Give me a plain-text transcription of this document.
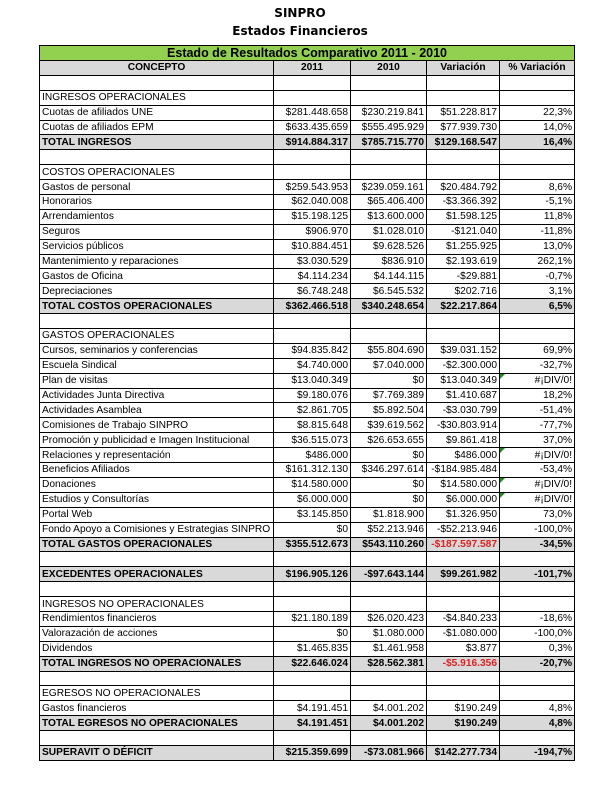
SINPRO
Estados Financieros
Estado de Resultados Comparativo 2011 - 2010				
CONCEPTO	2011	2010	Variación	% Variación

INGRESOS OPERACIONALES				
Cuotas de afiliados UNE	$281.448.658	$230.219.841	$51.228.817	22,3%
Cuotas de afiliados EPM	$633.435.659	$555.495.929	$77.939.730	14,0%
TOTAL INGRESOS	$914.884.317	$785.715.770	$129.168.547	16,4%

COSTOS OPERACIONALES				
Gastos de personal	$259.543.953	$239.059.161	$20.484.792	8,6%
Honorarios	$62.040.008	$65.406.400	-$3.366.392	-5,1%
Arrendamientos	$15.198.125	$13.600.000	$1.598.125	11,8%
Seguros	$906.970	$1.028.010	-$121.040	-11,8%
Servicios públicos	$10.884.451	$9.628.526	$1.255.925	13,0%
Mantenimiento y reparaciones	$3.030.529	$836.910	$2.193.619	262,1%
Gastos de Oficina	$4.114.234	$4.144.115	-$29.881	-0,7%
Depreciaciones	$6.748.248	$6.545.532	$202.716	3,1%
TOTAL COSTOS OPERACIONALES	$362.466.518	$340.248.654	$22.217.864	6,5%

GASTOS OPERACIONALES				
Cursos, seminarios y conferencias	$94.835.842	$55.804.690	$39.031.152	69,9%
Escuela Sindical	$4.740.000	$7.040.000	-$2.300.000	-32,7%
Plan de visitas	$13.040.349	$0	$13.040.349	#¡DIV/0!
Actividades Junta Directiva	$9.180.076	$7.769.389	$1.410.687	18,2%
Actividades Asamblea	$2.861.705	$5.892.504	-$3.030.799	-51,4%
Comisiones de Trabajo SINPRO	$8.815.648	$39.619.562	-$30.803.914	-77,7%
Promoción y publicidad e Imagen Institucional	$36.515.073	$26.653.655	$9.861.418	37,0%
Relaciones y representación	$486.000	$0	$486.000	#¡DIV/0!
Beneficios Afiliados	$161.312.130	$346.297.614	-$184.985.484	-53,4%
Donaciones	$14.580.000	$0	$14.580.000	#¡DIV/0!
Estudios y Consultorías	$6.000.000	$0	$6.000.000	#¡DIV/0!
Portal Web	$3.145.850	$1.818.900	$1.326.950	73,0%
Fondo Apoyo a Comisiones y Estrategias SINPRO	$0	$52.213.946	-$52.213.946	-100,0%
TOTAL GASTOS OPERACIONALES	$355.512.673	$543.110.260	-$187.597.587	-34,5%

EXCEDENTES OPERACIONALES	$196.905.126	-$97.643.144	$99.261.982	-101,7%

INGRESOS NO OPERACIONALES				
Rendimientos financieros	$21.180.189	$26.020.423	-$4.840.233	-18,6%
Valorazación de acciones	$0	$1.080.000	-$1.080.000	-100,0%
Dividendos	$1.465.835	$1.461.958	$3.877	0,3%
TOTAL INGRESOS NO OPERACIONALES	$22.646.024	$28.562.381	-$5.916.356	-20,7%

EGRESOS NO OPERACIONALES				
Gastos financieros	$4.191.451	$4.001.202	$190.249	4,8%
TOTAL EGRESOS NO OPERACIONALES	$4.191.451	$4.001.202	$190.249	4,8%

SUPERAVIT O DÉFICIT	$215.359.699	-$73.081.966	$142.277.734	-194,7%
